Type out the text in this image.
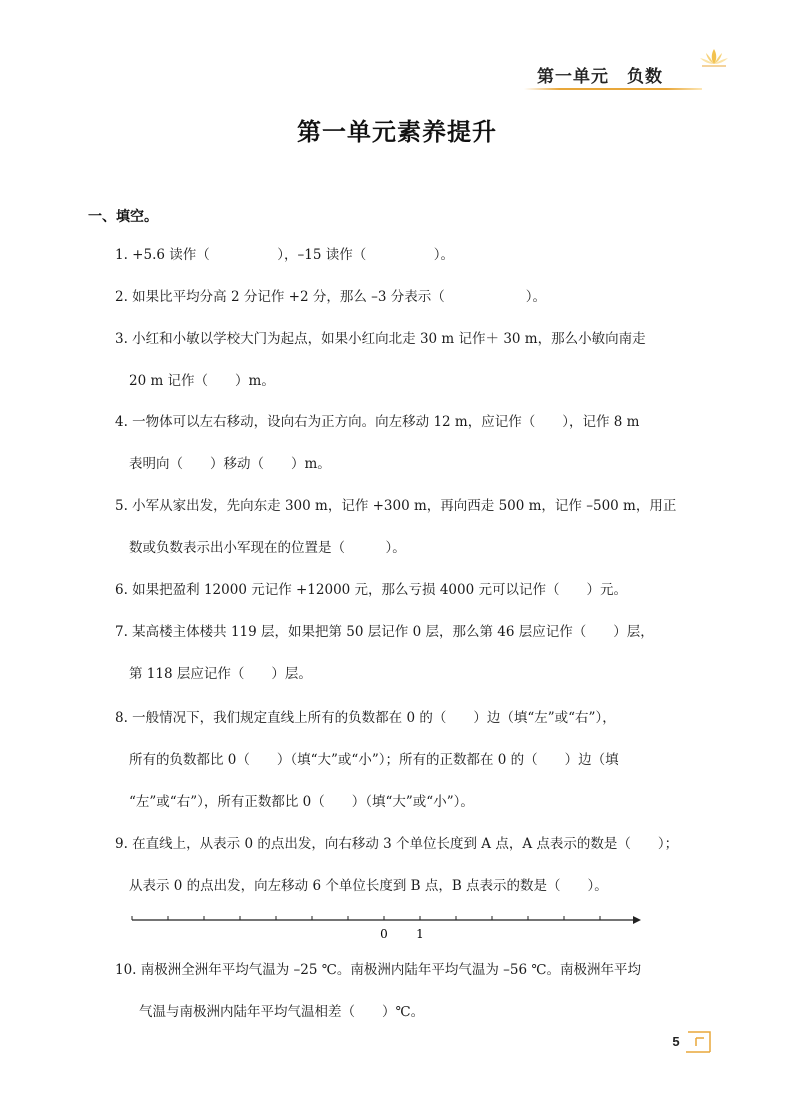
第一单元　负数
第一单元素养提升
一、填空。
1. +5.6 读作（　　　　　），–15 读作（　　　　　）。
2. 如果比平均分高 2 分记作 +2 分，那么 –3 分表示（　　　　　　）。
3. 小红和小敏以学校大门为起点，如果小红向北走 30 m 记作＋ 30 m，那么小敏向南走
20 m 记作（　　）m。
4. 一物体可以左右移动，设向右为正方向。向左移动 12 m，应记作（　　），记作 8 m
表明向（　　）移动（　　）m。
5. 小军从家出发，先向东走 300 m，记作 +300 m，再向西走 500 m，记作 –500 m，用正
数或负数表示出小军现在的位置是（　　　）。
6. 如果把盈利 12000 元记作 +12000 元，那么亏损 4000 元可以记作（　　）元。
7. 某高楼主体楼共 119 层，如果把第 50 层记作 0 层，那么第 46 层应记作（　　）层，
第 118 层应记作（　　）层。
8. 一般情况下，我们规定直线上所有的负数都在 0 的（　　）边（填“左”或“右”），
所有的负数都比 0（　　）（填“大”或“小”）；所有的正数都在 0 的（　　）边（填
“左”或“右”），所有正数都比 0（　　）（填“大”或“小”）。
9. 在直线上，从表示 0 的点出发，向右移动 3 个单位长度到 A 点，A 点表示的数是（　　）；
从表示 0 的点出发，向左移动 6 个单位长度到 B 点，B 点表示的数是（　　）。
0 1
10. 南极洲全洲年平均气温为 –25 ℃。南极洲内陆年平均气温为 –56 ℃。南极洲年平均
气温与南极洲内陆年平均气温相差（　　）℃。
5
